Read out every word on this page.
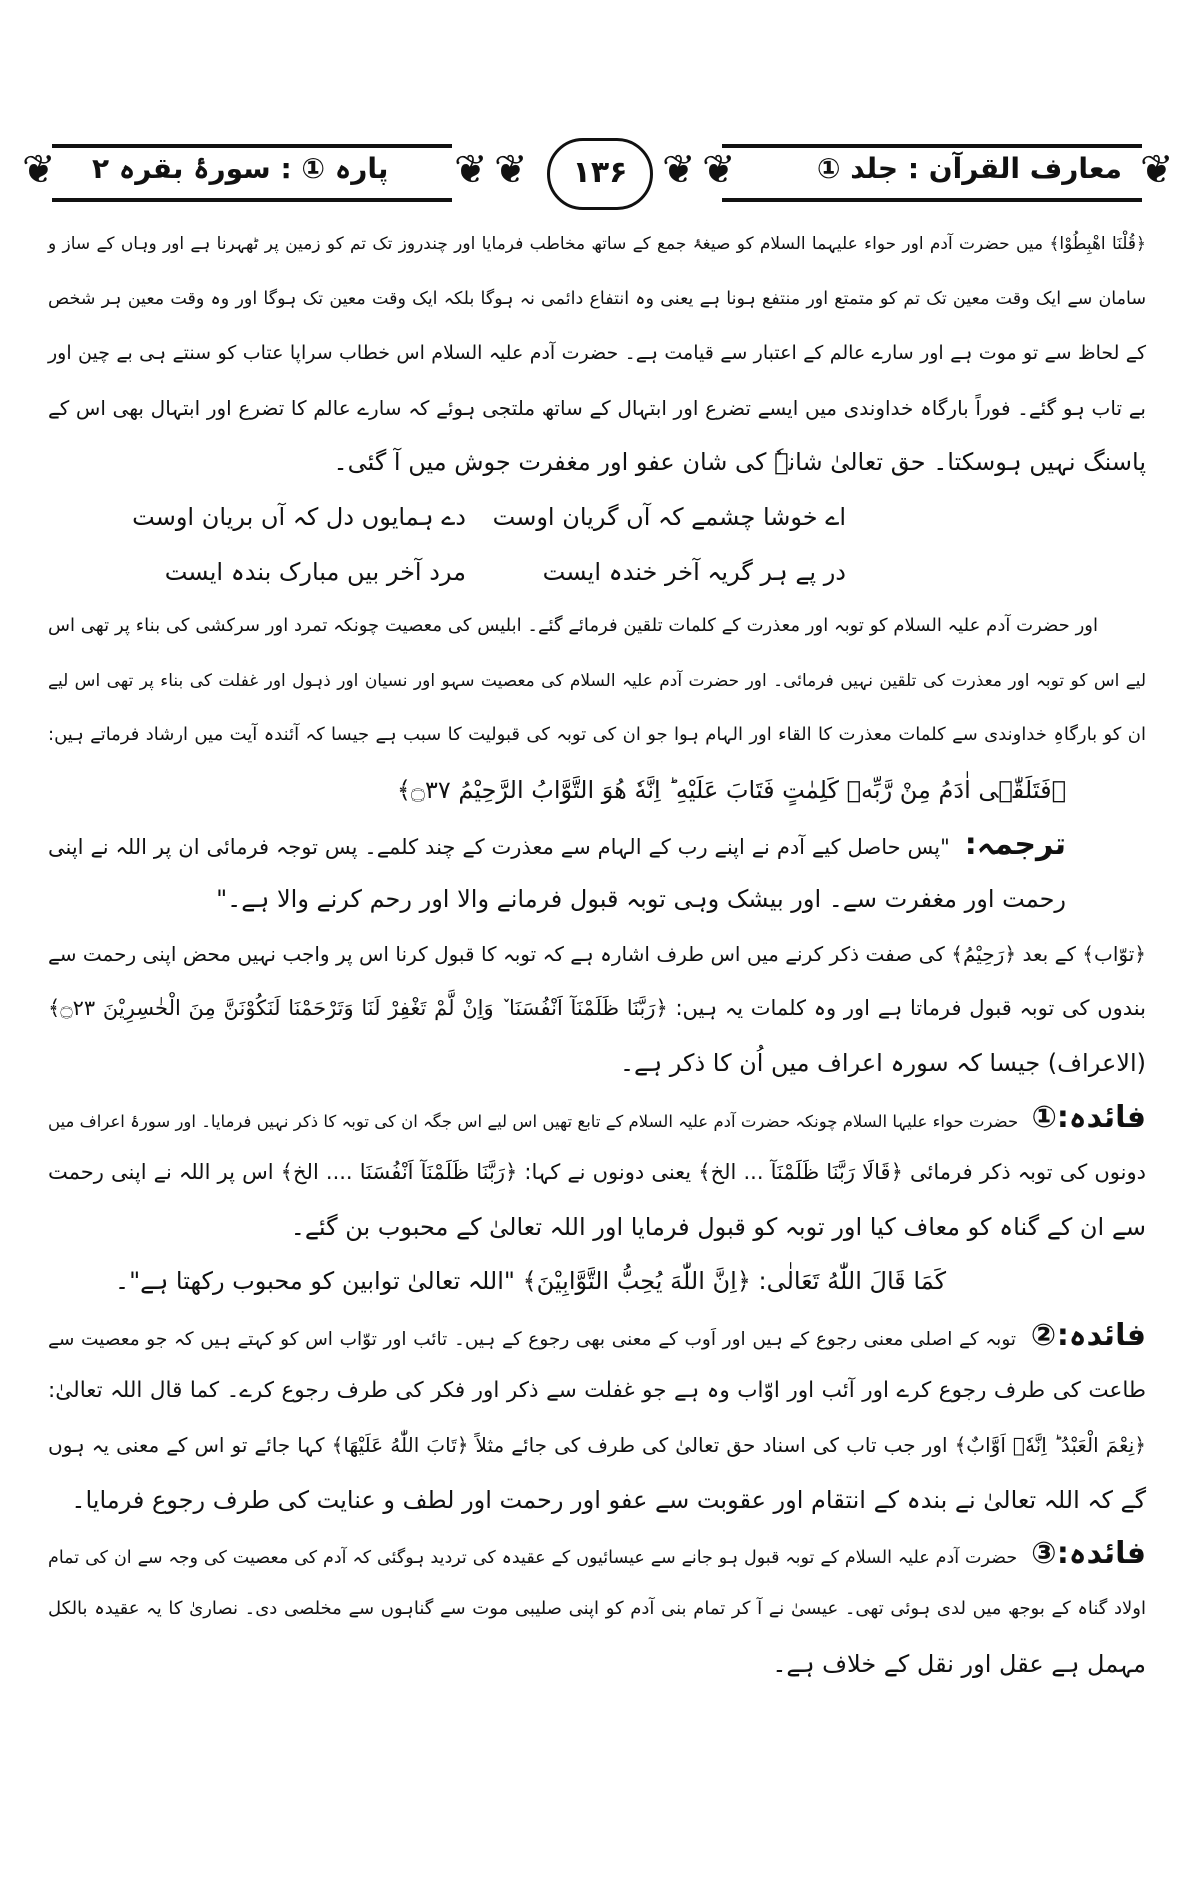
❦
❦	❦ ❦	❦ ❦	معارف القرآن : جلد ①
۱۳۶
پارہ ① : سورۂ بقرہ ۲
﴿قُلْنَا اهْبِطُوْا﴾ میں حضرت آدم اور حواء علیہما السلام کو صیغۂ جمع کے ساتھ مخاطب فرمایا اور چندروز تک تم کو زمین پر ٹھہرنا ہے اور وہاں کے ساز و
سامان سے ایک وقت معین تک تم کو متمتع اور منتفع ہونا ہے یعنی وہ انتفاع دائمی نہ ہوگا بلکہ ایک وقت معین تک ہوگا اور وہ وقت معین ہر شخص
کے لحاظ سے تو موت ہے اور سارے عالم کے اعتبار سے قیامت ہے۔ حضرت آدم علیہ السلام اس خطاب سراپا عتاب کو سنتے ہی بے چین اور
بے تاب ہو گئے۔ فوراً بارگاہ خداوندی میں ایسے تضرع اور ابتہال کے ساتھ ملتجی ہوئے کہ سارے عالم کا تضرع اور ابتہال بھی اس کے
پاسنگ نہیں ہوسکتا۔ حق تعالیٰ شانہٗ کی شان عفو اور مغفرت جوش میں آ گئی۔
اے خوشا چشمے کہ آں گریان اوست
دے ہمایوں دل کہ آں بریان اوست
در پے ہر گریہ آخر خندہ ایست
مرد آخر بیں مبارک بندہ ایست
اور حضرت آدم علیہ السلام کو توبہ اور معذرت کے کلمات تلقین فرمائے گئے۔ ابلیس کی معصیت چونکہ تمرد اور سرکشی کی بناء پر تھی اس
لیے اس کو توبہ اور معذرت کی تلقین نہیں فرمائی۔ اور حضرت آدم علیہ السلام کی معصیت سہو اور نسیان اور ذہول اور غفلت کی بناء پر تھی اس لیے
ان کو بارگاہِ خداوندی سے کلمات معذرت کا القاء اور الہام ہوا جو ان کی توبہ کی قبولیت کا سبب ہے جیسا کہ آئندہ آیت میں ارشاد فرماتے ہیں:
﴿فَتَلَقّٰۤى اٰدَمُ مِنْ رَّبِّهٖ كَلِمٰتٍ فَتَابَ عَلَيْهِ ؕ اِنَّهٗ هُوَ التَّوَّابُ الرَّحِيْمُ ۝۳۷﴾
ترجمہ: "پس حاصل کیے آدم نے اپنے رب کے الہام سے معذرت کے چند کلمے۔ پس توجہ فرمائی ان پر اللہ نے اپنی
رحمت اور مغفرت سے۔ اور بیشک وہی توبہ قبول فرمانے والا اور رحم کرنے والا ہے۔"
﴿توّاب﴾ کے بعد ﴿رَحِيْمُ﴾ کی صفت ذکر کرنے میں اس طرف اشارہ ہے کہ توبہ کا قبول کرنا اس پر واجب نہیں محض اپنی رحمت سے
بندوں کی توبہ قبول فرماتا ہے اور وہ کلمات یہ ہیں: ﴿رَبَّنَا ظَلَمْنَآ اَنْفُسَنَا ٚ وَاِنْ لَّمْ تَغْفِرْ لَنَا وَتَرْحَمْنَا لَنَكُوْنَنَّ مِنَ الْخٰسِرِيْنَ ۝۲۳﴾
(الاعراف) جیسا کہ سورہ اعراف میں اُن کا ذکر ہے۔
فائدہ:① حضرت حواء علیہا السلام چونکہ حضرت آدم علیہ السلام کے تابع تھیں اس لیے اس جگہ ان کی توبہ کا ذکر نہیں فرمایا۔ اور سورۂ اعراف میں
دونوں کی توبہ ذکر فرمائی ﴿قَالَا رَبَّنَا ظَلَمْنَآ ... الخ﴾ یعنی دونوں نے کہا: ﴿رَبَّنَا ظَلَمْنَآ اَنْفُسَنَا .... الخ﴾ اس پر اللہ نے اپنی رحمت
سے ان کے گناہ کو معاف کیا اور توبہ کو قبول فرمایا اور اللہ تعالیٰ کے محبوب بن گئے۔
كَمَا قَالَ اللّٰهُ تَعَالٰى: ﴿اِنَّ اللّٰهَ يُحِبُّ التَّوَّابِيْنَ﴾ "اللہ تعالیٰ توابین کو محبوب رکھتا ہے"۔
فائدہ:② توبہ کے اصلی معنی رجوع کے ہیں اور اَوب کے معنی بھی رجوع کے ہیں۔ تائب اور توّاب اس کو کہتے ہیں کہ جو معصیت سے
طاعت کی طرف رجوع کرے اور آئب اور اوّاب وہ ہے جو غفلت سے ذکر اور فکر کی طرف رجوع کرے۔ کما قال اللہ تعالیٰ:
﴿نِعْمَ الْعَبْدُ ؕ اِنَّهٗۤ اَوَّابٌ﴾ اور جب تاب کی اسناد حق تعالیٰ کی طرف کی جائے مثلاً ﴿تَابَ اللّٰهُ عَلَيْهَا﴾ کہا جائے تو اس کے معنی یہ ہوں
گے کہ اللہ تعالیٰ نے بندہ کے انتقام اور عقوبت سے عفو اور رحمت اور لطف و عنایت کی طرف رجوع فرمایا۔
فائدہ:③ حضرت آدم علیہ السلام کے توبہ قبول ہو جانے سے عیسائیوں کے عقیدہ کی تردید ہوگئی کہ آدم کی معصیت کی وجہ سے ان کی تمام
اولاد گناہ کے بوجھ میں لدی ہوئی تھی۔ عیسیٰ نے آ کر تمام بنی آدم کو اپنی صلیبی موت سے گناہوں سے مخلصی دی۔ نصاریٰ کا یہ عقیدہ بالکل
مہمل ہے عقل اور نقل کے خلاف ہے۔
